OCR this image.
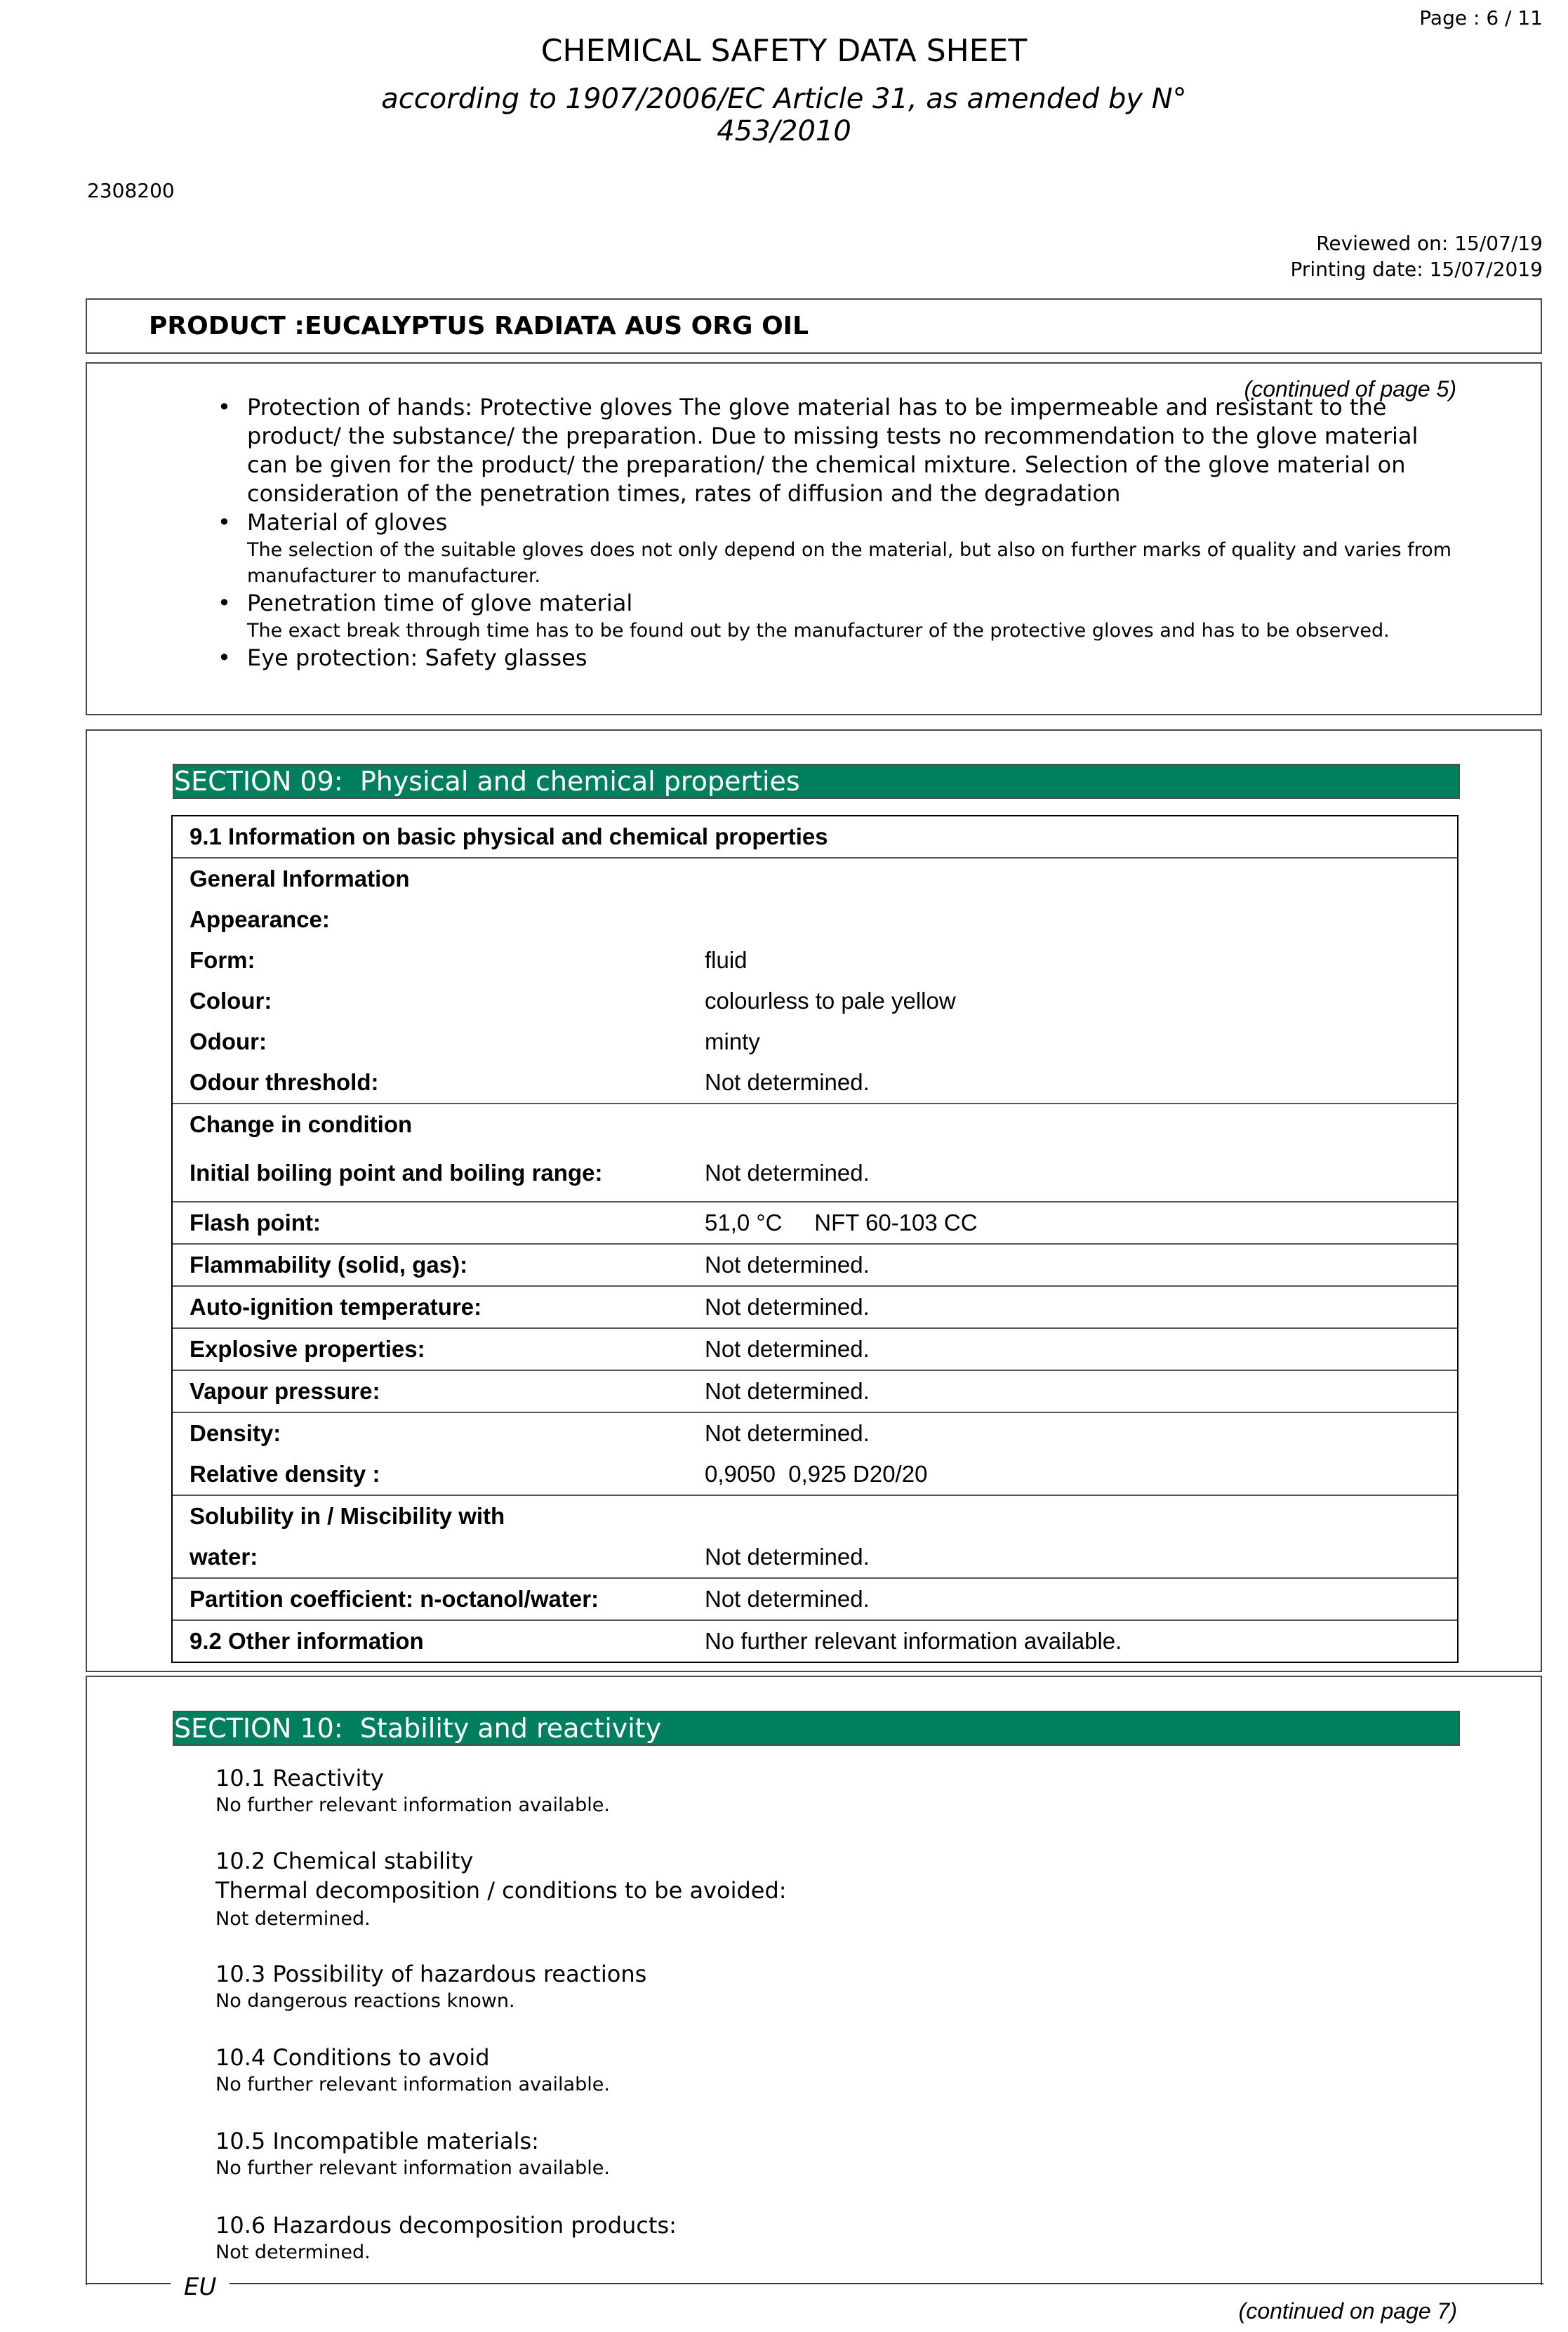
Page : 6 / 11
CHEMICAL SAFETY DATA SHEET
according to 1907/2006/EC Article 31, as amended by N°
453/2010
2308200
Reviewed on: 15/07/19
Printing date: 15/07/2019
PRODUCT : EUCALYPTUS RADIATA AUS ORG OIL
(continued of page 5)
• Protection of hands: Protective gloves The glove material has to be impermeable and resistant to the product/ the substance/ the preparation. Due to missing tests no recommendation to the glove material can be given for the product/ the preparation/ the chemical mixture. Selection of the glove material on consideration of the penetration times, rates of diffusion and the degradation
• Material of gloves
The selection of the suitable gloves does not only depend on the material, but also on further marks of quality and varies from manufacturer to manufacturer.
• Penetration time of glove material
The exact break through time has to be found out by the manufacturer of the protective gloves and has to be observed.
• Eye protection: Safety glasses
SECTION 09:  Physical and chemical properties
9.1 Information on basic physical and chemical properties
General Information
Appearance:
Form:	fluid
Colour:	colourless to pale yellow
Odour:	minty
Odour threshold:	Not determined.
Change in condition
Initial boiling point and boiling range:	Not determined.
Flash point:	51,0 °C     NFT 60-103 CC
Flammability (solid, gas):	Not determined.
Auto-ignition temperature:	Not determined.
Explosive properties:	Not determined.
Vapour pressure:	Not determined.
Density:	Not determined.
Relative density :	0,9050  0,925 D20/20
Solubility in / Miscibility with
water:	Not determined.
Partition coefficient: n-octanol/water:	Not determined.
9.2 Other information	No further relevant information available.
SECTION 10:  Stability and reactivity
10.1 Reactivity
No further relevant information available.
10.2 Chemical stability
Thermal decomposition / conditions to be avoided:
Not determined.
10.3 Possibility of hazardous reactions
No dangerous reactions known.
10.4 Conditions to avoid
No further relevant information available.
10.5 Incompatible materials:
No further relevant information available.
10.6 Hazardous decomposition products:
Not determined.
EU
(continued on page 7)
